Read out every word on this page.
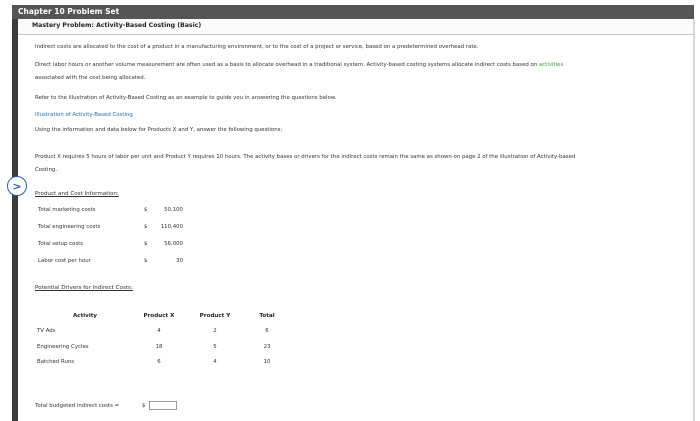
Chapter 10 Problem Set
>
Mastery Problem: Activity-Based Costing (Basic)
Indirect costs are allocated to the cost of a product in a manufacturing environment, or to the cost of a project or service, based on a predetermined overhead rate.
Direct labor hours or another volume measurement are often used as a basis to allocate overhead in a traditional system. Activity-based costing systems allocate indirect costs based on activities
associated with the cost being allocated.
Refer to the illustration of Activity-Based Costing as an example to guide you in answering the questions below.
Illustration of Activity-Based Costing
Using the information and data below for Products X and Y, answer the following questions:
Product X requires 5 hours of labor per unit and Product Y requires 10 hours. The activity bases or drivers for the indirect costs remain the same as shown on page 2 of the illustration of Activity-based
Costing.
Product and Cost Information:
Total marketing costs	$	50,100
Total engineering costs	$	110,400
Total setup costs	$	56,000
Labor cost per hour	$	30
Potential Drivers for Indirect Costs:
Activity	Product X	Product Y	Total
TV Ads	4	2	6
Engineering Cycles	18	5	23
Batched Runs	6	4	10
Total budgeted indirect costs =	$
